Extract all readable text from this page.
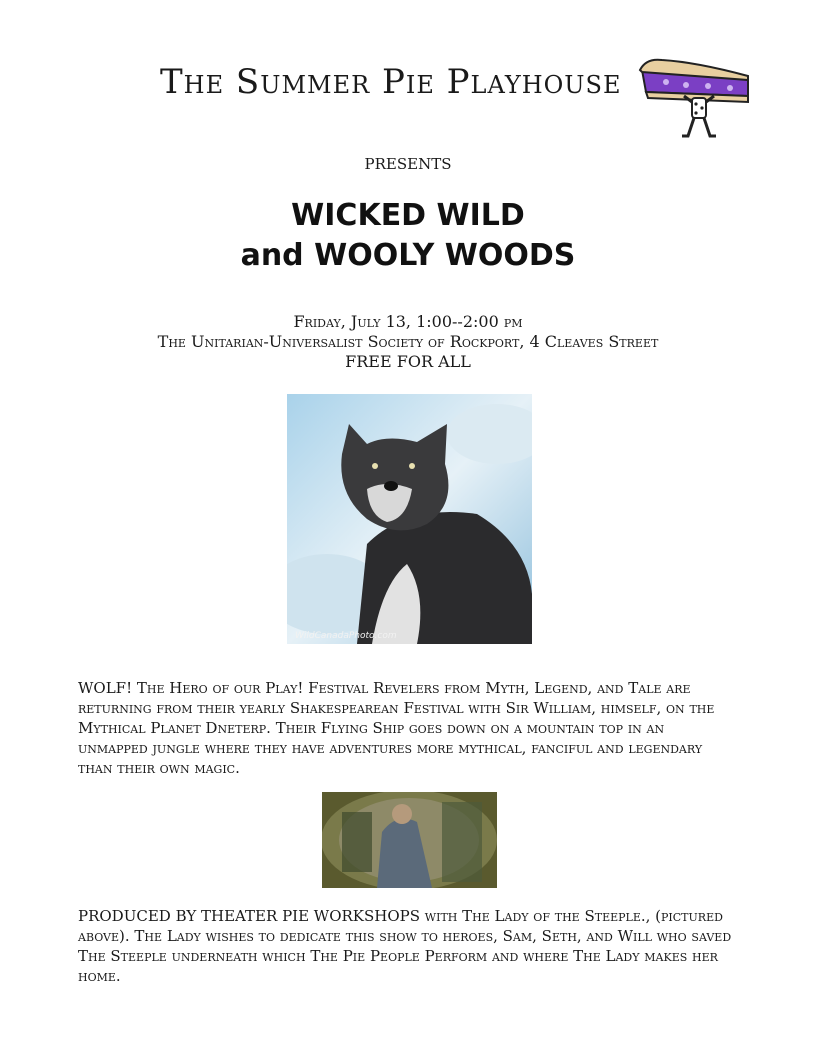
The Summer Pie Playhouse
presents
WICKED WILD
and WOOLY WOODS
Friday, July 13, 1:00--2:00 pm
The Unitarian-Universalist Society of Rockport, 4 Cleaves Street
FREE FOR ALL
WildCanadaPhoto.com
WOLF! The Hero of our Play! Festival Revelers from Myth, Legend, and Tale are returning from their yearly Shakespearean Festival with Sir William, himself, on the Mythical Planet Dneterp. Their Flying Ship goes down on a mountain top in an unmapped jungle where they have adventures more mythical, fanciful and legendary than their own magic.
PRODUCED BY THEATER PIE WORKSHOPS with The Lady of the Steeple., (pictured above). The Lady wishes to dedicate this show to heroes, Sam, Seth, and Will who saved The Steeple underneath which The Pie People Perform and where The Lady makes her home.
